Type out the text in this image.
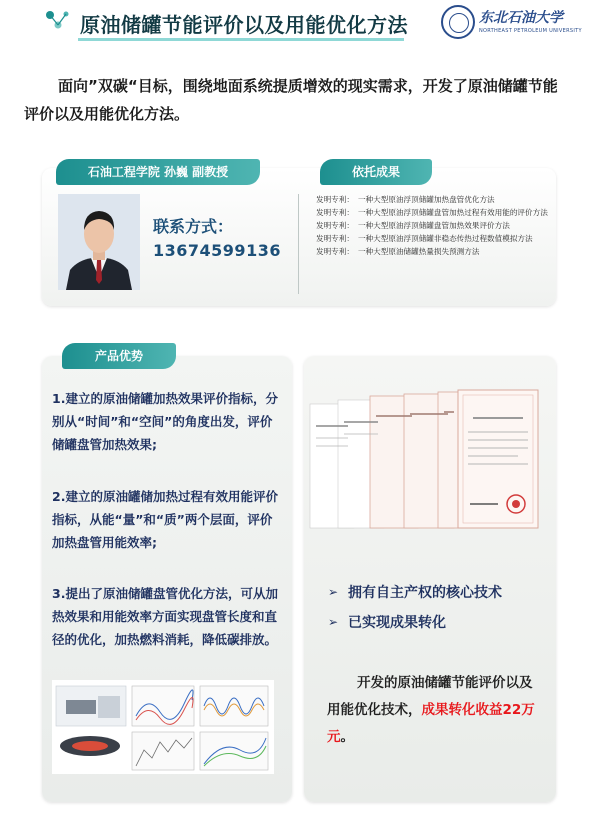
原油储罐节能评价以及用能优化方法	东北石油大学
NORTHEAST PETROLEUM UNIVERSITY
面向”双碳“目标，围绕地面系统提质增效的现实需求，开发了原油储罐节能评价以及用能优化方法。
石油工程学院 孙巍 副教授	依托成果
联系方式：
13674599136
发明专利： 一种大型原油浮顶储罐加热盘管优化方法
发明专利： 一种大型原油浮顶储罐盘管加热过程有效用能的评价方法
发明专利： 一种大型原油浮顶储罐盘管加热效果评价方法
发明专利： 一种大型原油浮顶储罐非稳态传热过程数值模拟方法
发明专利： 一种大型原油储罐热量损失预测方法
产品优势
1.建立的原油储罐加热效果评价指标，分别从“时间”和“空间”的角度出发，评价储罐盘管加热效果;
2.建立的原油罐储加热过程有效用能评价指标，从能“量”和“质”两个层面，评价加热盘管用能效率;
3.提出了原油储罐盘管优化方法，可从加热效果和用能效率方面实现盘管长度和直径的优化，加热燃料消耗，降低碳排放。
➢ 拥有自主产权的核心技术
➢ 已实现成果转化
开发的原油储罐节能评价以及用能优化技术，成果转化收益22万元。
